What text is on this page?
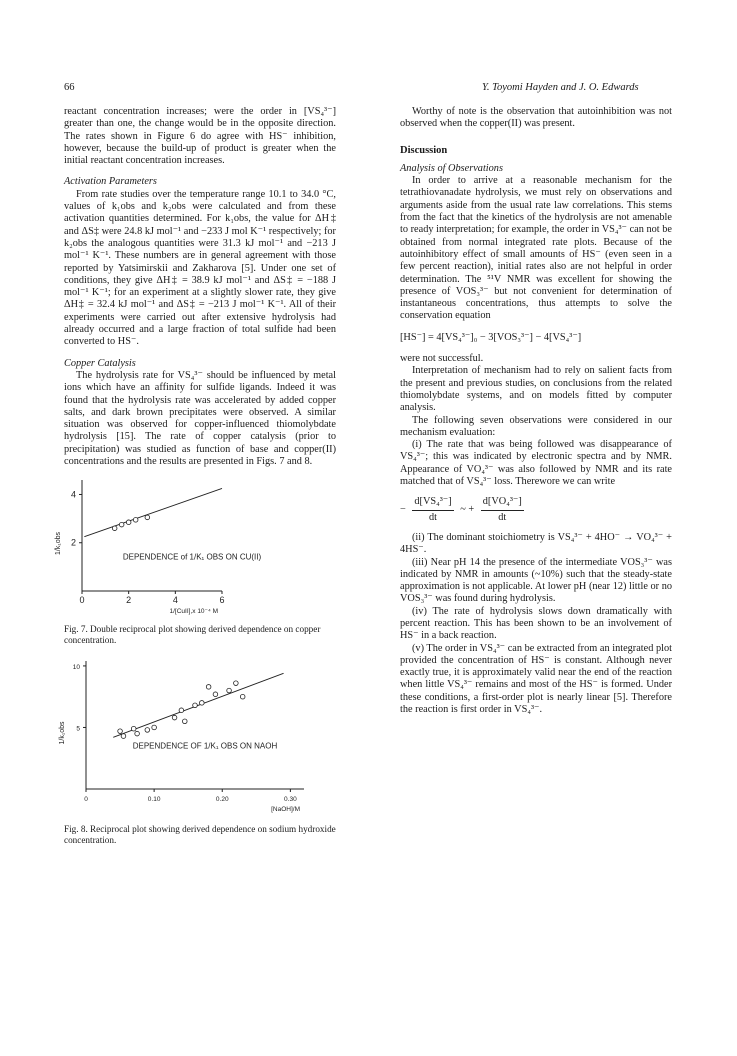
66	Y. Toyomi Hayden and J. O. Edwards

reactant concentration increases; were the order in [VS₄³⁻] greater than one, the change would be in the opposite direction. The rates shown in Figure 6 do agree with HS⁻ inhibition, however, because the build-up of product is greater when the initial reactant concentration increases.

Activation Parameters

From rate studies over the temperature range 10.1 to 34.0 °C, values of k₁obs and k₂obs were calculated and from these activation quantities determined. For k₁obs, the value for ΔH‡ and ΔS‡ were 24.8 kJ mol⁻¹ and −233 J mol K⁻¹ respectively; for k₂obs the analogous quantities were 31.3 kJ mol⁻¹ and −213 J mol⁻¹ K⁻¹. These numbers are in general agreement with those reported by Yatsimirskii and Zakharova [5]. Under one set of conditions, they give ΔH‡ = 38.9 kJ mol⁻¹ and ΔS‡ = −188 J mol⁻¹ K⁻¹; for an experiment at a slightly slower rate, they give ΔH‡ = 32.4 kJ mol⁻¹ and ΔS‡ = −213 J mol⁻¹ K⁻¹. All of their experiments were carried out after extensive hydrolysis had already occurred and a large fraction of total sulfide had been converted to HS⁻.

Copper Catalysis

The hydrolysis rate for VS₄³⁻ should be influenced by metal ions which have an affinity for sulfide ligands. Indeed it was found that the hydrolysis rate was accelerated by added copper salts, and dark brown precipitates were observed. A similar situation was observed for copper-influenced thiomolybdate hydrolysis [15]. The rate of copper catalysis (prior to precipitation) was studied as function of base and copper(II) concentrations and the results are presented in Figs. 7 and 8.

0	2	4	6
2
4
1/k₁obs
1/[CuII],x 10⁻⁴ M
DEPENDENCE of 1/K₁ OBS ON CU(II)
Fig. 7. Double reciprocal plot showing derived dependence on copper concentration.
0	0.10	0.20	0.30
5
10
1/k₁obs
[NaOH]/M
DEPENDENCE OF 1/K₁ OBS ON NAOH
Fig. 8. Reciprocal plot showing derived dependence on sodium hydroxide concentration.

Worthy of note is the observation that autoinhibition was not observed when the copper(II) was present.

Discussion

Analysis of Observations

In order to arrive at a reasonable mechanism for the tetrathiovanadate hydrolysis, we must rely on observations and arguments aside from the usual rate law correlations. This stems from the fact that the kinetics of the hydrolysis are not amenable to ready interpretation; for example, the order in VS₄³⁻ can not be obtained from normal integrated rate plots. Because of the autoinhibitory effect of small amounts of HS⁻ (even seen in a few percent reaction), initial rates also are not helpful in order determination. The ⁵¹V NMR was excellent for showing the presence of VOS₃³⁻ but not convenient for determination of instantaneous concentrations, thus attempts to solve the conservation equation

[HS⁻] = 4[VS₄³⁻]₀ − 3[VOS₃³⁻] − 4[VS₄³⁻]

were not successful.

Interpretation of mechanism had to rely on salient facts from the present and previous studies, on conclusions from the related thiomolybdate systems, and on models fitted by computer analysis.

The following seven observations were considered in our mechanism evaluation:

(i) The rate that was being followed was disappearance of VS₄³⁻; this was indicated by electronic spectra and by NMR. Appearance of VO₄³⁻ was also followed by NMR and its rate matched that of VS₄³⁻ loss. Therewore we can write

− $\frac{\text{d[VS₄³⁻]}}{dt}$ ~ + $\frac{\text{d[VO₄³⁻]}}{dt}$

(ii) The dominant stoichiometry is VS₄³⁻ + 4HO⁻ → VO₄³⁻ + 4HS⁻.

(iii) Near pH 14 the presence of the intermediate VOS₃³⁻ was indicated by NMR in amounts (~10%) such that the steady-state approximation is not applicable. At lower pH (near 12) little or no VOS₃³⁻ was found during hydrolysis.

(iv) The rate of hydrolysis slows down dramatically with percent reaction. This has been shown to be an involvement of HS⁻ in a back reaction.

(v) The order in VS₄³⁻ can be extracted from an integrated plot provided the concentration of HS⁻ is constant. Although never exactly true, it is approximately valid near the end of the reaction when little VS₄³⁻ remains and most of the HS⁻ is formed. Under these conditions, a first-order plot is nearly linear [5]. Therefore the reaction is first order in VS₄³⁻.
